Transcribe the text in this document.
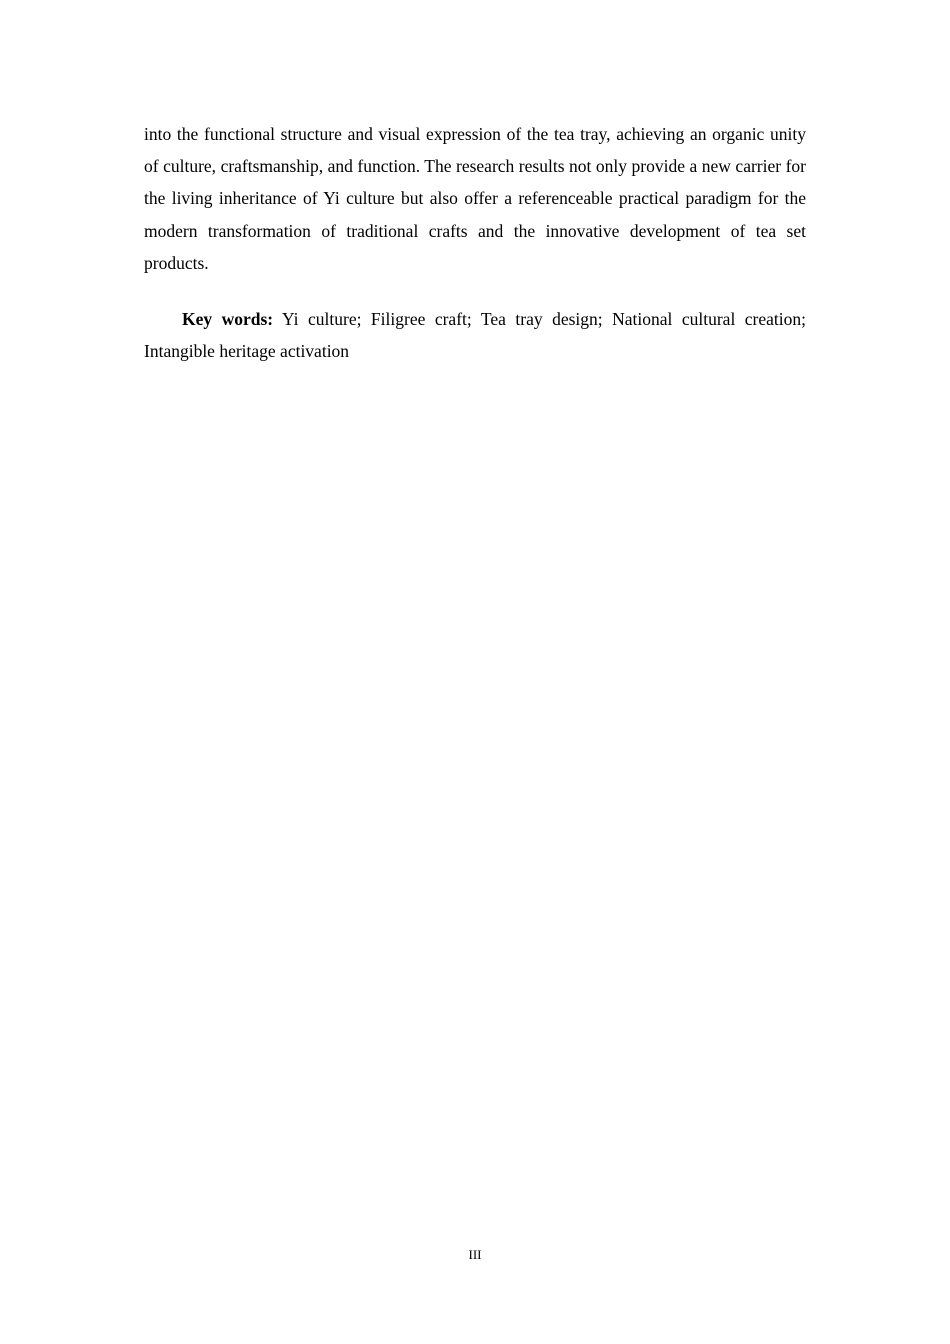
into the functional structure and visual expression of the tea tray, achieving an organic unity of culture, craftsmanship, and function. The research results not only provide a new carrier for the living inheritance of Yi culture but also offer a referenceable practical paradigm for the modern transformation of traditional crafts and the innovative development of tea set products.

Key words: Yi culture; Filigree craft; Tea tray design; National cultural creation; Intangible heritage activation

III
